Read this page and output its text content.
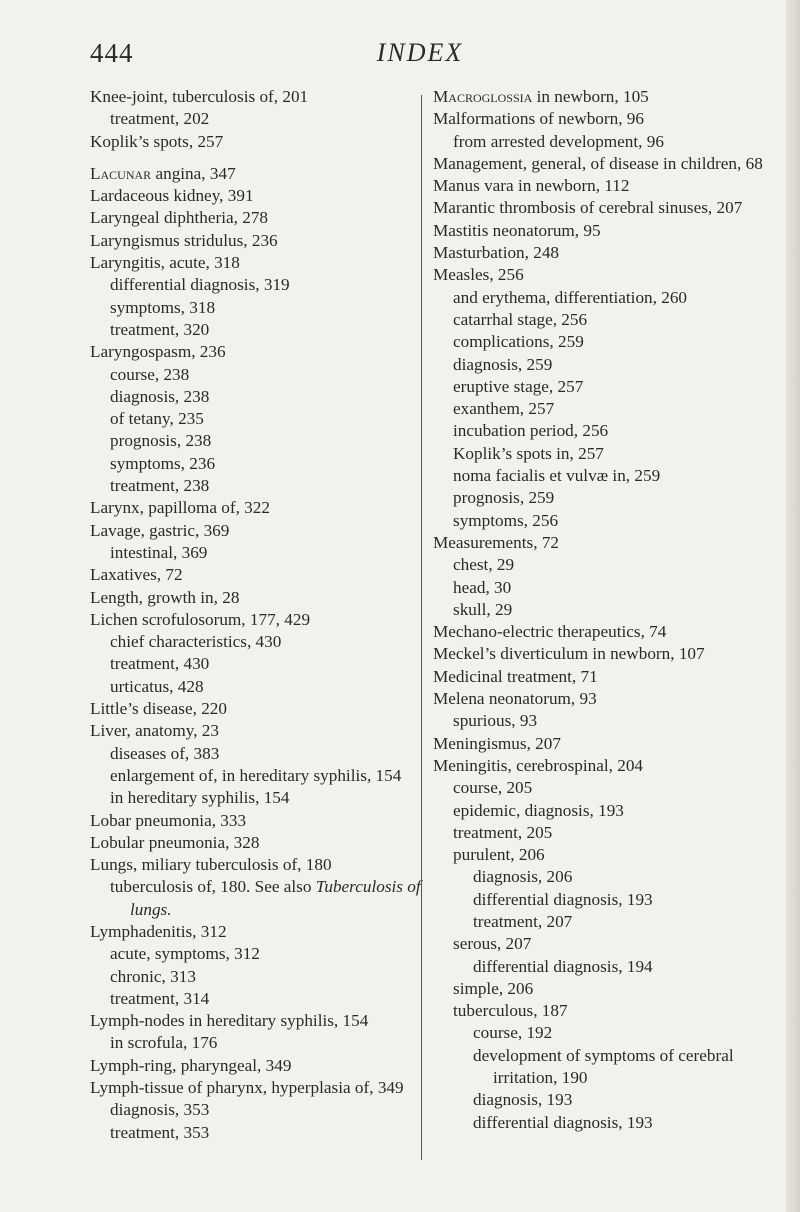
444	INDEX
Knee-joint, tuberculosis of, 201
treatment, 202
Koplik’s spots, 257
Lacunar angina, 347
Lardaceous kidney, 391
Laryngeal diphtheria, 278
Laryngismus stridulus, 236
Laryngitis, acute, 318
differential diagnosis, 319
symptoms, 318
treatment, 320
Laryngospasm, 236
course, 238
diagnosis, 238
of tetany, 235
prognosis, 238
symptoms, 236
treatment, 238
Larynx, papilloma of, 322
Lavage, gastric, 369
intestinal, 369
Laxatives, 72
Length, growth in, 28
Lichen scrofulosorum, 177, 429
chief characteristics, 430
treatment, 430
urticatus, 428
Little’s disease, 220
Liver, anatomy, 23
diseases of, 383
enlargement of, in hereditary syphilis, 154
in hereditary syphilis, 154
Lobar pneumonia, 333
Lobular pneumonia, 328
Lungs, miliary tuberculosis of, 180
tuberculosis of, 180. See also Tuberculosis of lungs.
Lymphadenitis, 312
acute, symptoms, 312
chronic, 313
treatment, 314
Lymph-nodes in hereditary syphilis, 154
in scrofula, 176
Lymph-ring, pharyngeal, 349
Lymph-tissue of pharynx, hyperplasia of, 349
diagnosis, 353
treatment, 353
Macroglossia in newborn, 105
Malformations of newborn, 96
from arrested development, 96
Management, general, of disease in children, 68
Manus vara in newborn, 112
Marantic thrombosis of cerebral sinuses, 207
Mastitis neonatorum, 95
Masturbation, 248
Measles, 256
and erythema, differentiation, 260
catarrhal stage, 256
complications, 259
diagnosis, 259
eruptive stage, 257
exanthem, 257
incubation period, 256
Koplik’s spots in, 257
noma facialis et vulvæ in, 259
prognosis, 259
symptoms, 256
Measurements, 72
chest, 29
head, 30
skull, 29
Mechano-electric therapeutics, 74
Meckel’s diverticulum in newborn, 107
Medicinal treatment, 71
Melena neonatorum, 93
spurious, 93
Meningismus, 207
Meningitis, cerebrospinal, 204
course, 205
epidemic, diagnosis, 193
treatment, 205
purulent, 206
diagnosis, 206
differential diagnosis, 193
treatment, 207
serous, 207
differential diagnosis, 194
simple, 206
tuberculous, 187
course, 192
development of symptoms of cerebral irritation, 190
diagnosis, 193
differential diagnosis, 193
